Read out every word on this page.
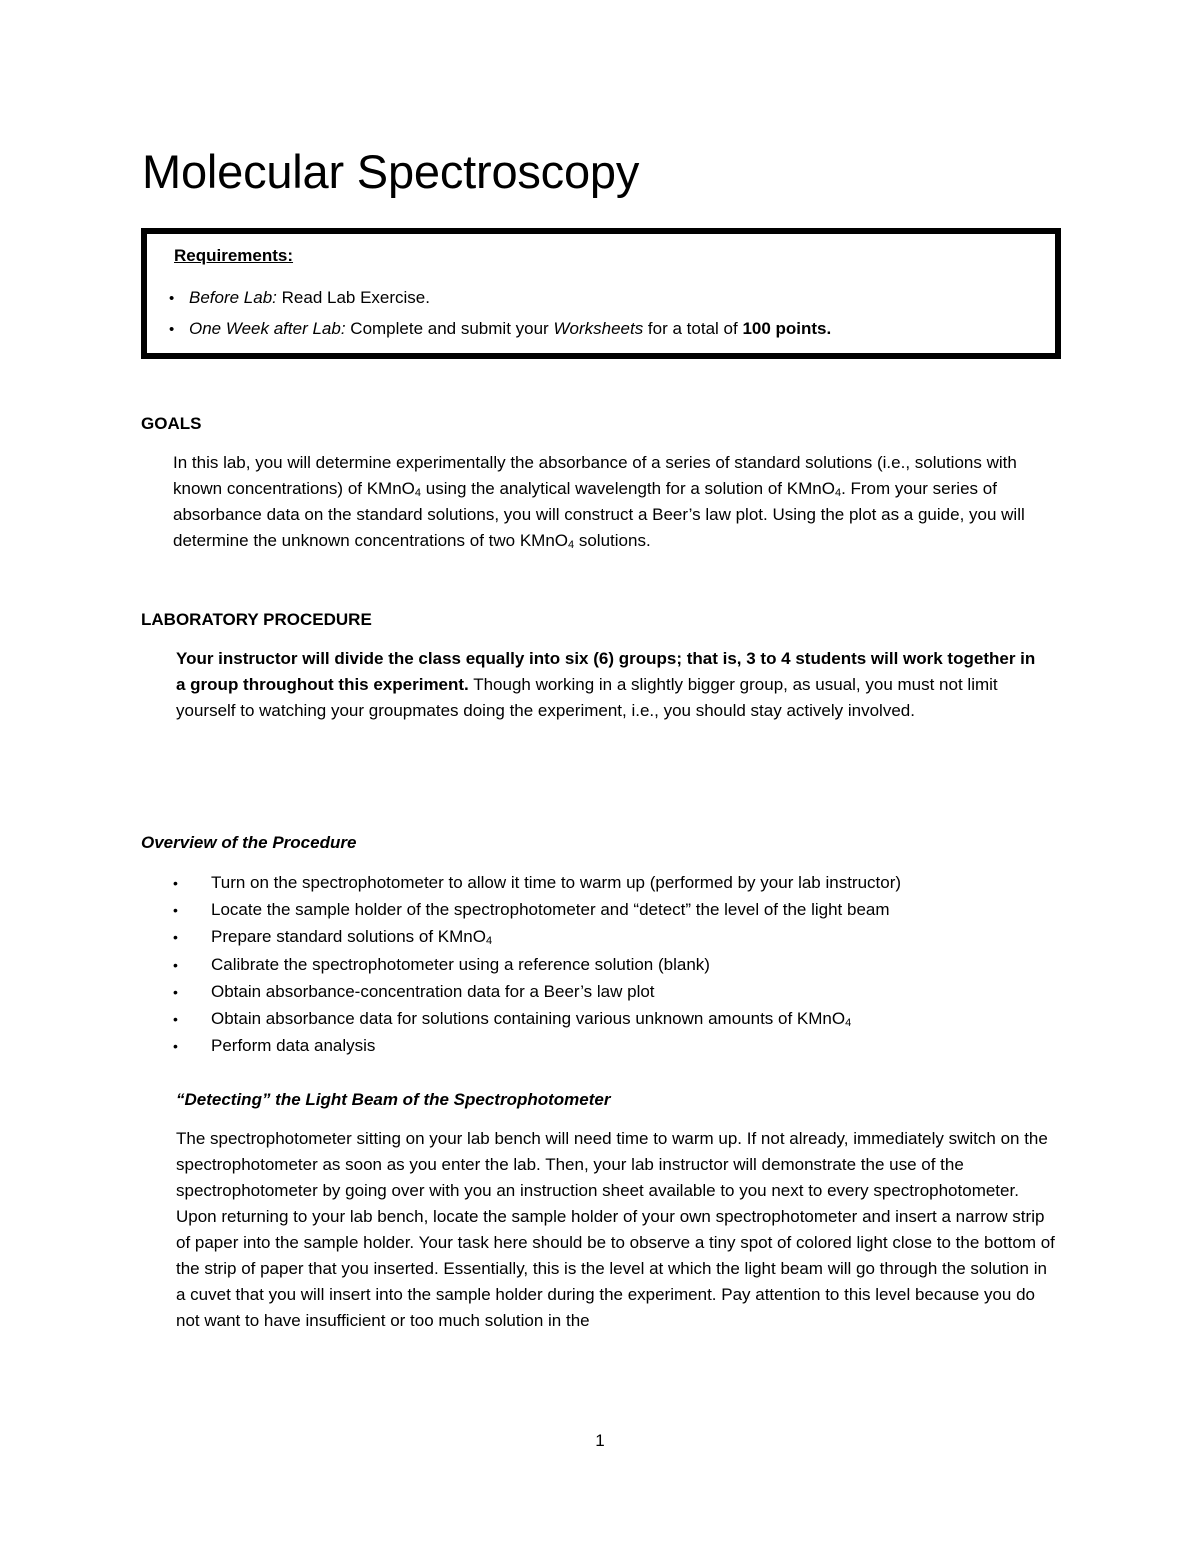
Molecular Spectroscopy

Requirements:

• Before Lab: Read Lab Exercise.
• One Week after Lab: Complete and submit your Worksheets for a total of 100 points.
GOALS

In this lab, you will determine experimentally the absorbance of a series of standard solutions (i.e., solutions with known concentrations) of KMnO$_4$ using the analytical wavelength for a solution of KMnO$_4$. From your series of absorbance data on the standard solutions, you will construct a Beer’s law plot. Using the plot as a guide, you will determine the unknown concentrations of two KMnO$_4$ solutions.

LABORATORY PROCEDURE

Your instructor will divide the class equally into six (6) groups; that is, 3 to 4 students will work together in a group throughout this experiment. Though working in a slightly bigger group, as usual, you must not limit yourself to watching your groupmates doing the experiment, i.e., you should stay actively involved.

Overview of the Procedure
• Turn on the spectrophotometer to allow it time to warm up (performed by your lab instructor)
• Locate the sample holder of the spectrophotometer and “detect” the level of the light beam
• Prepare standard solutions of KMnO$_4$
• Calibrate the spectrophotometer using a reference solution (blank)
• Obtain absorbance-concentration data for a Beer’s law plot
• Obtain absorbance data for solutions containing various unknown amounts of KMnO$_4$
• Perform data analysis
“Detecting” the Light Beam of the Spectrophotometer

The spectrophotometer sitting on your lab bench will need time to warm up. If not already, immediately switch on the spectrophotometer as soon as you enter the lab. Then, your lab instructor will demonstrate the use of the spectrophotometer by going over with you an instruction sheet available to you next to every spectrophotometer. Upon returning to your lab bench, locate the sample holder of your own spectrophotometer and insert a narrow strip of paper into the sample holder. Your task here should be to observe a tiny spot of colored light close to the bottom of the strip of paper that you inserted. Essentially, this is the level at which the light beam will go through the solution in a cuvet that you will insert into the sample holder during the experiment. Pay attention to this level because you do not want to have insufficient or too much solution in the

1
